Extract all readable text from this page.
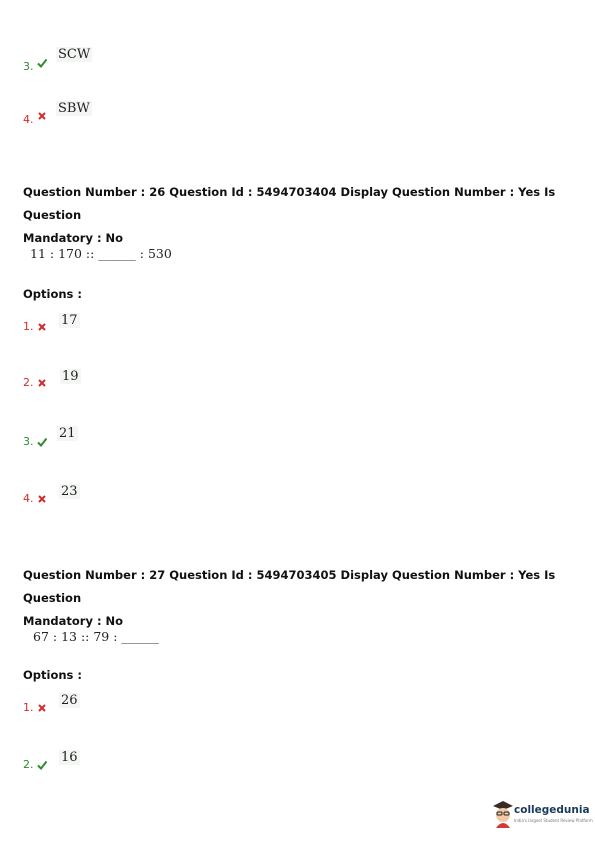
3.
SCW
4.
SBW
Question Number : 26 Question Id : 5494703404 Display Question Number : Yes Is Question
Mandatory : No
11 : 170 :: ______ : 530
Options :
1. 17
2. 19
3.
21
4. 23
Question Number : 27 Question Id : 5494703405 Display Question Number : Yes Is Question
Mandatory : No
67 : 13 :: 79 : ______
Options :
1. 26
2. 16
collegedunia
India's largest Student Review Platform
